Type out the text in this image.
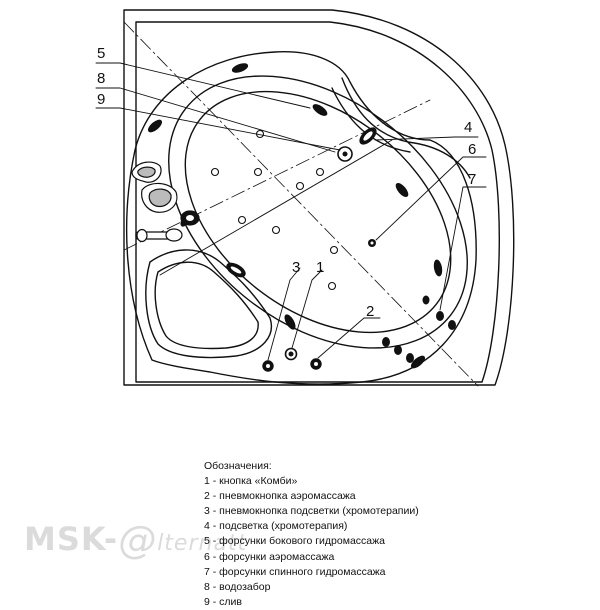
1
2
3
4
5
6
7
8
9
MSK-@lternatt
Обозначения:
1 - кнопка «Комби»
2 - пневмокнопка аэромассажа
3 - пневмокнопка подсветки (хромотерапии)
4 - подсветка (хромотерапия)
5 - форсунки бокового гидромассажа
6 - форсунки аэромассажа
7 - форсунки спинного гидромассажа
8 - водозабор
9 - слив
